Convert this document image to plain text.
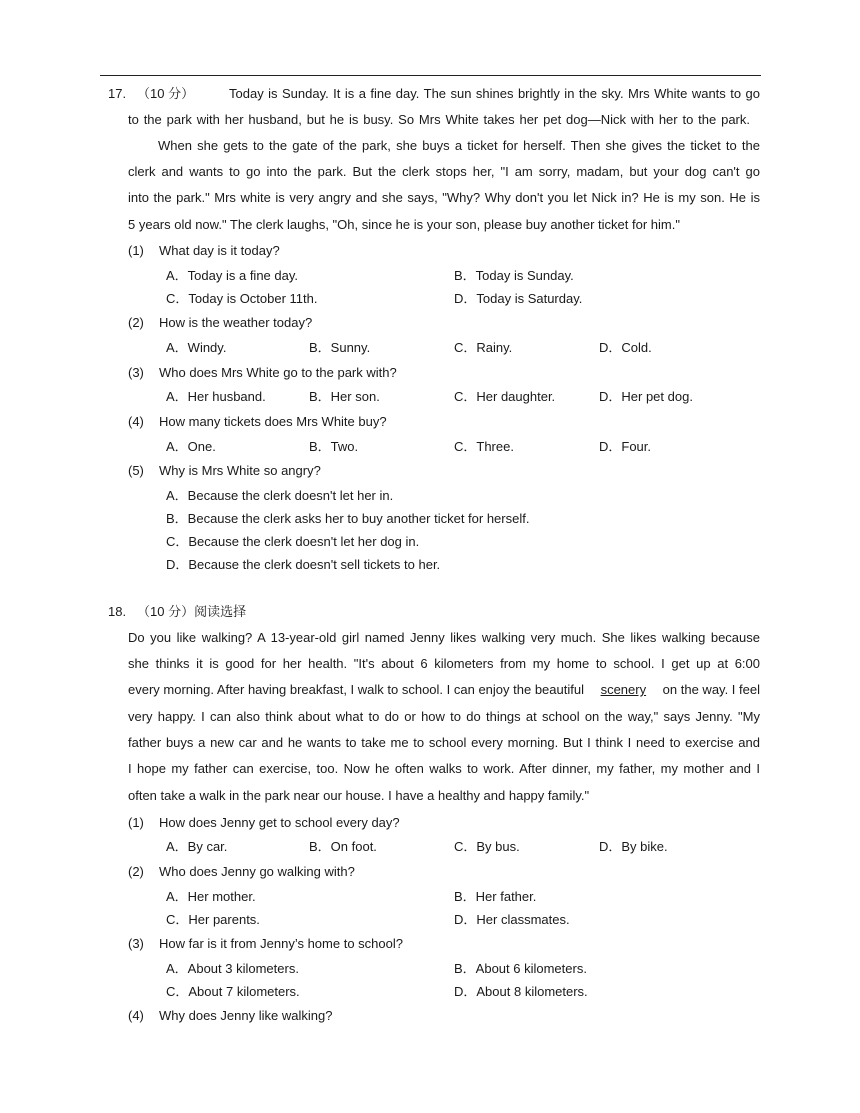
17. （10 分）	Today is Sunday. It is a fine day. The sun shines brightly in the sky. Mrs White wants to go
to the park with her husband, but he is busy. So Mrs White takes her pet dog—Nick with her to the park.
When she gets to the gate of the park, she buys a ticket for herself. Then she gives the ticket to the
clerk and wants to go into the park. But the clerk stops her, "I am sorry, madam, but your dog can't go
into the park." Mrs white is very angry and she says, "Why? Why don't you let Nick in? He is my son. He is
5 years old now." The clerk laughs, "Oh, since he is your son, please buy another ticket for him."
(1) What day is it today?
A．Today is a fine day.	B．Today is Sunday.
C．Today is October 11th.	D．Today is Saturday.
(2) How is the weather today?
A．Windy.	B．Sunny.	C．Rainy.	D．Cold.
(3) Who does Mrs White go to the park with?
A．Her husband.	B．Her son.	C．Her daughter.	D．Her pet dog.
(4) How many tickets does Mrs White buy?
A．One.	B．Two.	C．Three.	D．Four.
(5) Why is Mrs White so angry?
A．Because the clerk doesn't let her in.
B．Because the clerk asks her to buy another ticket for herself.
C．Because the clerk doesn't let her dog in.
D．Because the clerk doesn't sell tickets to her.
18. （10 分）阅读选择
Do you like walking? A 13-year-old girl named Jenny likes walking very much. She likes walking because
she thinks it is good for her health. "It's about 6 kilometers from my home to school. I get up at 6:00
every morning. After having breakfast, I walk to school. I can enjoy the beautiful scenery on the way. I feel
very happy. I can also think about what to do or how to do things at school on the way," says Jenny. "My
father buys a new car and he wants to take me to school every morning. But I think I need to exercise and
I hope my father can exercise, too. Now he often walks to work. After dinner, my father, my mother and I
often take a walk in the park near our house. I have a healthy and happy family."
(1) How does Jenny get to school every day?
A．By car.	B．On foot.	C．By bus.	D．By bike.
(2) Who does Jenny go walking with?
A．Her mother.	B．Her father.
C．Her parents.	D．Her classmates.
(3) How far is it from Jenny’s home to school?
A．About 3 kilometers.	B．About 6 kilometers.
C．About 7 kilometers.	D．About 8 kilometers.
(4) Why does Jenny like walking?
